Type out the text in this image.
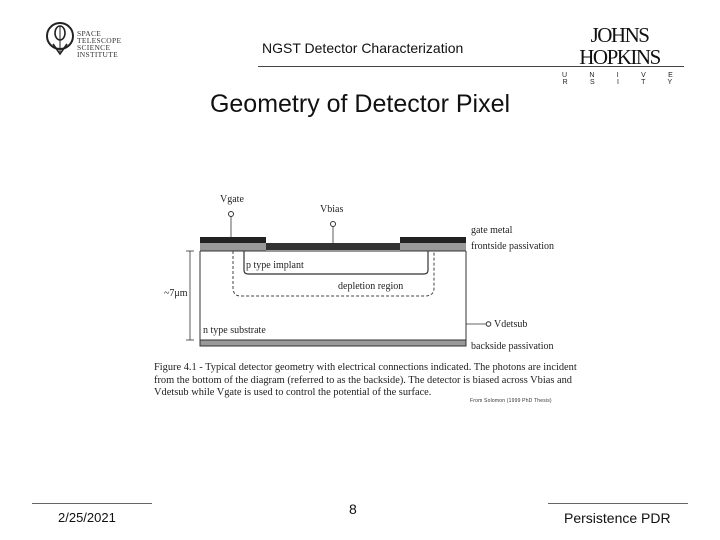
SPACE
TELESCOPE
SCIENCE
INSTITUTE	NGST Detector Characterization
JOHNS HOPKINS
U N I V E R S I T Y
Geometry of Detector Pixel
Vgate
Vbias
p type implant
depletion region
n type substrate
~7μm
gate metal
frontside passivation
Vdetsub
backside passivation
Figure 4.1 - Typical detector geometry with electrical connections indicated. The photons are incident from the bottom of the diagram (referred to as the backside). The detector is biased across Vbias and Vdetsub while Vgate is used to control the potential of the surface.
From Solomon (1999 PhD Thesis)
2/25/2021
8
Persistence PDR
